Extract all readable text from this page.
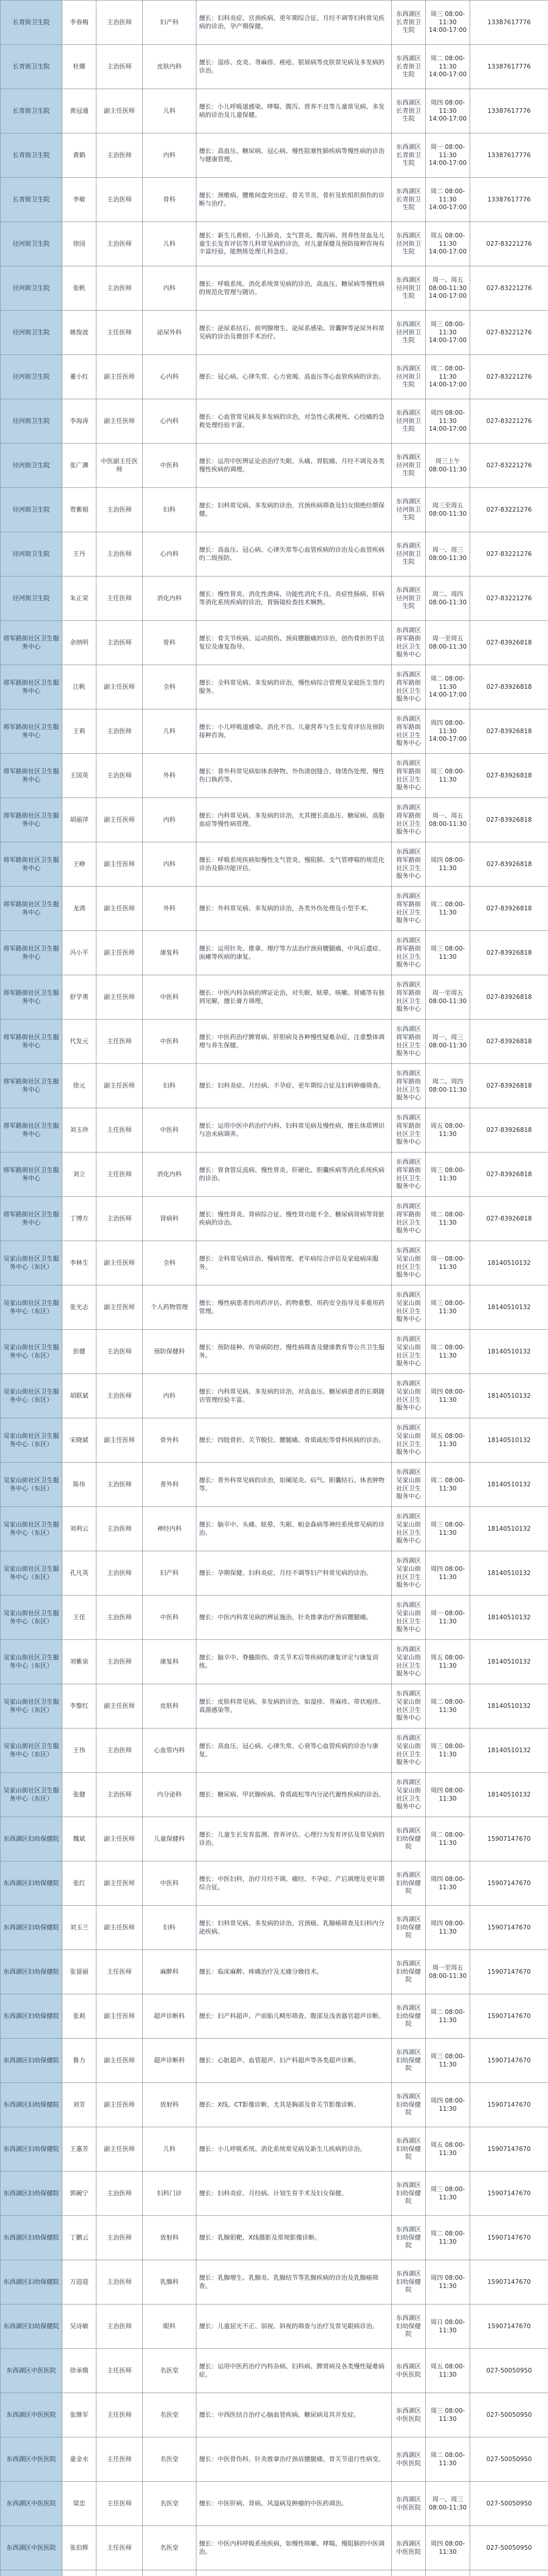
长青街卫生院	李春梅	主治医师	妇产科	擅长：妇科炎症、宫颈疾病、更年期综合征、月经不调等妇科常见疾病的诊治，孕产期保健。	东西湖区长青街卫生院	周三 08:00-11:30 14:00-17:00	13387617776
长青街卫生院	杜娜	主治医师	皮肤内科	擅长：湿疹、皮炎、荨麻疹、痤疮、银屑病等皮肤常见病及多发病的诊治。	东西湖区长青街卫生院	周二 08:00-11:30 14:00-17:00	13387617776
长青街卫生院	黄冠通	副主任医师	儿科	擅长：小儿呼吸道感染、哮喘、腹泻、营养不良等儿童常见病、多发病的诊治及儿童保健。	东西湖区长青街卫生院	周四 08:00-11:30 14:00-17:00	13387617776
长青街卫生院	黄鹤	主治医师	内科	擅长：高血压、糖尿病、冠心病、慢性阻塞性肺疾病等慢性病的诊治与健康管理。	东西湖区长青街卫生院	周一 08:00-11:30 14:00-17:00	13387617776
长青街卫生院	李敏	主治医师	骨科	擅长：颈椎病、腰椎间盘突出症、骨关节炎、骨折及软组织损伤的诊断与治疗。	东西湖区长青街卫生院	周二 08:00-11:30 14:00-17:00	13387617776
径河街卫生院	徐园	主治医师	儿科	擅长：新生儿黄疸、小儿肺炎、支气管炎、腹泻病、营养性贫血及儿童生长发育评估等儿科常见病的诊治，对儿童保健及预防接种咨询有丰富经验，能熟练处理儿科急症。	东西湖区径河街卫生院	周五 08:00-11:30 14:00-17:00	027-83221276
径河街卫生院	张帆	主治医师	内科	擅长：呼吸系统、消化系统常见病的诊治，高血压、糖尿病等慢性病的规范化管理与随访。	东西湖区径河街卫生院	周一、周五 08:00-11:30 14:00-17:00	027-83221276
径河街卫生院	姚俊波	主任医师	泌尿外科	擅长：泌尿系结石、前列腺增生、泌尿系感染、肾囊肿等泌尿外科常见病的诊治及微创手术治疗。	东西湖区径河街卫生院	周三 08:00-11:30 14:00-17:00	027-83221276
径河街卫生院	董小红	副主任医师	心内科	擅长：冠心病、心律失常、心力衰竭、高血压等心血管疾病的诊治。	东西湖区径河街卫生院	周二 08:00-11:30 14:00-17:00	027-83221276
径河街卫生院	李海涛	副主任医师	心内科	擅长：心血管常见病及多发病的诊治，对急性心肌梗死、心绞痛的急救处理经验丰富。	东西湖区径河街卫生院	周四 08:00-11:30 14:00-17:00	027-83221276
径河街卫生院	张广渊	中医副主任医师	中医科	擅长：运用中医辨证论治治疗失眠、头痛、胃脘痛、月经不调及各类慢性疾病的调理。	东西湖区径河街卫生院	周三上午 08:00-11:30	027-83221276
径河街卫生院	贾紫娟	主治医师	妇科	擅长：妇科常见病、多发病的诊治，宫颈疾病筛查及妇女围绝经期保健。	东西湖区径河街卫生院	周三至周五 08:00-11:30	027-83221276
径河街卫生院	王丹	主治医师	心内科	擅长：高血压、冠心病、心律失常等心血管疾病的诊治及心血管疾病的二级预防。	东西湖区径河街卫生院	周一、周三 08:00-11:30	027-83221276
径河街卫生院	朱正荣	主任医师	消化内科	擅长：慢性胃炎、消化性溃疡、功能性消化不良、炎症性肠病、肝病等消化系统疾病的诊治，胃肠镜检查技术娴熟。	东西湖区径河街卫生院	周二、周四 08:00-11:30	027-83221276
将军路街社区卫生服务中心	余纳明	主治医师	骨科	擅长：骨关节疾病、运动损伤、颈肩腰腿痛的诊治，创伤骨折的手法复位及康复指导。	东西湖区将军路街社区卫生服务中心	周一至周五 08:00-11:30	027-83926818
将军路街社区卫生服务中心	江帆	副主任医师	全科	擅长：全科常见病、多发病的诊治，慢性病综合管理及家庭医生签约服务。	东西湖区将军路街社区卫生服务中心	周二 08:00-11:30 14:00-17:00	027-83926818
将军路街社区卫生服务中心	王莉	主治医师	儿科	擅长：小儿呼吸道感染、消化不良、儿童营养与生长发育评估及预防接种咨询。	东西湖区将军路街社区卫生服务中心	周四 08:00-11:30 14:00-17:00	027-83926818
将军路街社区卫生服务中心	王国英	主治医师	外科	擅长：普外科常见病如体表肿物、外伤清创缝合、烧烫伤处理、慢性伤口换药等。	东西湖区将军路街社区卫生服务中心	周三 08:00-11:30	027-83926818
将军路街社区卫生服务中心	胡丽萍	副主任医师	内科	擅长：内科常见病、多发病的诊治，尤其擅长高血压、糖尿病、高脂血症等慢性病管理。	东西湖区将军路街社区卫生服务中心	周一、周五 08:00-11:30	027-83926818
将军路街社区卫生服务中心	王峥	副主任医师	内科	擅长：呼吸系统疾病如慢性支气管炎、慢阻肺、支气管哮喘的规范化诊治及肺功能评估。	东西湖区将军路街社区卫生服务中心	周四 08:00-11:30	027-83926818
将军路街社区卫生服务中心	龙鸿	副主任医师	外科	擅长：外科常见病、多发病的诊治，各类外伤处理及小型手术。	东西湖区将军路街社区卫生服务中心	周二 08:00-11:30	027-83926818
将军路街社区卫生服务中心	冯小平	副主任医师	康复科	擅长：运用针灸、推拿、理疗等方法治疗颈肩腰腿痛、中风后遗症、面瘫等疾病的康复。	东西湖区将军路街社区卫生服务中心	周三 08:00-11:30	027-83926818
将军路街社区卫生服务中心	舒学勇	副主任医师	中医科	擅长：中医内科杂病的辨证论治，对失眠、眩晕、咳嗽、胃痛等有独到见解，擅长膏方调理。	东西湖区将军路街社区卫生服务中心	周一至周五 08:00-11:30	027-83926818
将军路街社区卫生服务中心	代发元	主任医师	中医科	擅长：中医药治疗脾胃病、肝胆病及各种慢性疑难杂症，注重整体调理与养生保健。	东西湖区将军路街社区卫生服务中心	周一、周三 08:00-11:30	027-83926818
将军路街社区卫生服务中心	徐元	副主任医师	妇科	擅长：妇科炎症、月经病、不孕症、更年期综合征及妇科肿瘤筛查。	东西湖区将军路街社区卫生服务中心	周二、周四 08:00-11:30	027-83926818
将军路街社区卫生服务中心	刘玉珍	主任医师	中医科	擅长：运用中医中药治疗内科、妇科常见病及慢性病，擅长体质辨识与治未病调养。	东西湖区将军路街社区卫生服务中心	周五 08:00-11:30	027-83926818
将军路街社区卫生服务中心	刘立	主任医师	消化内科	擅长：胃食管反流病、慢性胃炎、肝硬化、胆囊疾病等消化系统疾病的诊治。	东西湖区将军路街社区卫生服务中心	周三 08:00-11:30	027-83926818
将军路街社区卫生服务中心	丁博方	主治医师	肾病科	擅长：慢性肾炎、肾病综合征、慢性肾功能不全、糖尿病肾病等肾脏疾病的诊治。	东西湖区将军路街社区卫生服务中心	周二 08:00-11:30	027-83926818
吴家山街社区卫生服务中心（东区）	李林生	副主任医师	全科	擅长：全科常见病诊治、慢病管理、老年病综合评估及家庭病床服务。	东西湖区吴家山街社区卫生服务中心	周一 08:00-11:30	18140510132
吴家山街社区卫生服务中心（东区）	张光志	副主任医师	个人药物管理	擅长：慢性病患者的用药评估、药物重整、用药安全指导及多重用药管理。	东西湖区吴家山街社区卫生服务中心	周三 08:00-11:30	18140510132
吴家山街社区卫生服务中心（东区）	彭健	主治医师	预防保健科	擅长：预防接种、传染病防控、慢性病筛查及健康教育等公共卫生服务。	东西湖区吴家山街社区卫生服务中心	周二 08:00-11:30	18140510132
吴家山街社区卫生服务中心（东区）	胡联斌	主治医师	内科	擅长：内科常见病、多发病的诊治，对高血压、糖尿病患者的长期随访管理经验丰富。	东西湖区吴家山街社区卫生服务中心	周四 08:00-11:30	18140510132
吴家山街社区卫生服务中心（东区）	宋晓斌	副主任医师	骨外科	擅长：四肢骨折、关节脱位、腰腿痛、骨质疏松等骨科疾病的诊治。	东西湖区吴家山街社区卫生服务中心	周五 08:00-11:30	18140510132
吴家山街社区卫生服务中心（东区）	陈伟	主治医师	普外科	擅长：普外科常见病的诊治，如阑尾炎、疝气、胆囊结石、体表肿物等。	东西湖区吴家山街社区卫生服务中心	周二 08:00-11:30	18140510132
吴家山街社区卫生服务中心（东区）	刘利云	主治医师	神经内科	擅长：脑卒中、头痛、眩晕、失眠、帕金森病等神经系统常见病的诊治。	东西湖区吴家山街社区卫生服务中心	周三 08:00-11:30	18140510132
吴家山街社区卫生服务中心（东区）	孔凡英	主治医师	妇产科	擅长：孕期保健、妇科炎症、月经不调等妇产科常见病的诊治。	东西湖区吴家山街社区卫生服务中心	周四 08:00-11:30	18140510132
吴家山街社区卫生服务中心（东区）	王佳	主治医师	中医科	擅长：中医内科常见病的辨证施治，针灸推拿治疗颈肩腰腿痛。	东西湖区吴家山街社区卫生服务中心	周一 08:00-11:30	18140510132
吴家山街社区卫生服务中心（东区）	刘紫泉	主治医师	康复科	擅长：脑卒中、脊髓损伤、骨关节术后等疾病的康复评定与康复训练。	东西湖区吴家山街社区卫生服务中心	周五 08:00-11:30	18140510132
吴家山街社区卫生服务中心（东区）	李黎红	副主任医师	皮肤科	擅长：皮肤科常见病、多发病的诊治，如湿疹、荨麻疹、带状疱疹、真菌感染等。	东西湖区吴家山街社区卫生服务中心	周二 08:00-11:30	18140510132
吴家山街社区卫生服务中心（东区）	王伟	主治医师	心血管内科	擅长：高血压、冠心病、心律失常、心衰等心血管疾病的诊治与康复。	东西湖区吴家山街社区卫生服务中心	周三 08:00-11:30	18140510132
吴家山街社区卫生服务中心（东区）	张健	主治医师	内分泌科	擅长：糖尿病、甲状腺疾病、骨质疏松等内分泌代谢性疾病的诊治。	东西湖区吴家山街社区卫生服务中心	周四 08:00-11:30	18140510132
东西湖区妇幼保健院	魏斌	副主任医师	儿童保健科	擅长：儿童生长发育监测、营养评估、心理行为发育评估及常见病的诊治。	东西湖区妇幼保健院	周二 08:00-11:30	15907147670
东西湖区妇幼保健院	张红	副主任医师	中医科	擅长：中医妇科，治疗月经不调、痛经、不孕症、产后调理及更年期综合征。	东西湖区妇幼保健院	周四 08:00-11:30	15907147670
东西湖区妇幼保健院	刘玉兰	副主任医师	妇科	擅长：妇科常见病、多发病的诊治，宫颈癌、乳腺癌筛查及妇科内分泌疾病。	东西湖区妇幼保健院	周四 08:00-11:30	15907147670
东西湖区妇幼保健院	张留丽	主任医师	麻醉科	擅长：临床麻醉、疼痛治疗及无痛分娩技术。	东西湖区妇幼保健院	周一至周五 08:00-11:30	15907147670
东西湖区妇幼保健院	张莉	副主任医师	超声诊断科	擅长：妇产科超声、产前胎儿畸形筛查、腹部及浅表器官超声诊断。	东西湖区妇幼保健院	周二 08:00-11:30	15907147670
东西湖区妇幼保健院	鲁力	副主任医师	超声诊断科	擅长：心脏超声、血管超声、妇产科超声等各类超声诊断。	东西湖区妇幼保健院	周三 08:00-11:30	15907147670
东西湖区妇幼保健院	刘芳	副主任医师	放射科	擅长：X线、CT影像诊断，尤其是胸部及骨关节影像诊断。	东西湖区妇幼保健院	周四 08:00-11:30	15907147670
东西湖区妇幼保健院	王惠芳	副主任医师	儿科	擅长：小儿呼吸系统、消化系统常见病及新生儿疾病的诊治。	东西湖区妇幼保健院	周五 08:00-11:30	15907147670
东西湖区妇幼保健院	郭碗宁	主治医师	妇科门诊	擅长：妇科炎症、月经病、计划生育手术及妇女保健。	东西湖区妇幼保健院	周三 08:00-11:30	15907147670
东西湖区妇幼保健院	丁鹏云	主治医师	放射科	擅长：乳腺钼靶、X线摄影及常规影像诊断。	东西湖区妇幼保健院	周二 08:00-11:30	15907147670
东西湖区妇幼保健院	万迎迎	主治医师	乳腺科	擅长：乳腺增生、乳腺炎、乳腺结节等乳腺疾病的诊治及乳腺癌筛查。	东西湖区妇幼保健院	周四 08:00-11:30	15907147670
东西湖区妇幼保健院	吴诗敏	主治医师	眼科	擅长：儿童屈光不正、弱视、斜视的筛查与治疗及常见眼病诊治。	东西湖区妇幼保健院	周日 08:00-11:30	15907147670
东西湖区中医医院	徐承娥	主任医师	名医堂	擅长：运用中医药治疗内科杂病、妇科病、脾胃病及各类慢性疑难病症。	东西湖区中医医院	周五 08:00-11:30	027-50050950
东西湖区中医医院	张继军	主任医师	名医堂	擅长：中西医结合治疗心脑血管疾病、糖尿病及其并发症。	东西湖区中医医院	周三 08:00-11:30	027-50050950
东西湖区中医医院	童金水	主任医师	名医堂	擅长：中医骨伤科，针灸推拿治疗颈肩腰腿痛、骨关节退行性病变。	东西湖区中医医院	周二 08:00-11:30	027-50050950
东西湖区中医医院	梁忠	主任医师	名医堂	擅长：中医肝病、肾病、风湿病及肿瘤的中医药调治。	东西湖区中医医院	周一、周三 08:00-11:30	027-50050950
东西湖区中医医院	张伯辉	主任医师	名医堂	擅长：中医内科呼吸系统疾病，如慢性咳嗽、哮喘、慢阻肺的中医调治。	东西湖区中医医院	周四 08:00-11:30	027-50050950
